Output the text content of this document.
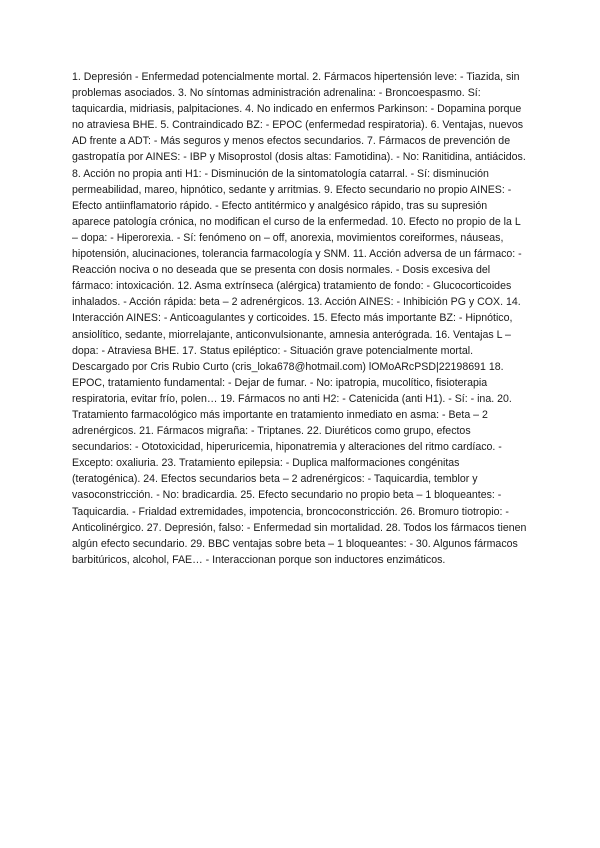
1. Depresión - Enfermedad potencialmente mortal. 2. Fármacos hipertensión leve: - Tiazida, sin problemas asociados. 3. No síntomas administración adrenalina: - Broncoespasmo. Sí: taquicardia, midriasis, palpitaciones. 4. No indicado en enfermos Parkinson: - Dopamina porque no atraviesa BHE. 5. Contraindicado BZ: - EPOC (enfermedad respiratoria). 6. Ventajas, nuevos AD frente a ADT: - Más seguros y menos efectos secundarios. 7. Fármacos de prevención de gastropatía por AINES: - IBP y Misoprostol (dosis altas: Famotidina). - No: Ranitidina, antiácidos. 8. Acción no propia anti H1: - Disminución de la sintomatología catarral. - Sí: disminución permeabilidad, mareo, hipnótico, sedante y arritmias. 9. Efecto secundario no propio AINES: - Efecto antiinflamatorio rápido. - Efecto antitérmico y analgésico rápido, tras su supresión aparece patología crónica, no modifican el curso de la enfermedad. 10. Efecto no propio de la L – dopa: - Hiperorexia. - Sí: fenómeno on – off, anorexia, movimientos coreiformes, náuseas, hipotensión, alucinaciones, tolerancia farmacología y SNM. 11. Acción adversa de un fármaco: - Reacción nociva o no deseada que se presenta con dosis normales. - Dosis excesiva del fármaco: intoxicación. 12. Asma extrínseca (alérgica) tratamiento de fondo: - Glucocorticoides inhalados. - Acción rápida: beta – 2 adrenérgicos. 13. Acción AINES: - Inhibición PG y COX. 14. Interacción AINES: - Anticoagulantes y corticoides. 15. Efecto más importante BZ: - Hipnótico, ansiolítico, sedante, miorrelajante, anticonvulsionante, amnesia anterógrada. 16. Ventajas L – dopa: - Atraviesa BHE. 17. Status epiléptico: - Situación grave potencialmente mortal. Descargado por Cris Rubio Curto (cris_loka678@hotmail.com) lOMoARcPSD|22198691 18. EPOC, tratamiento fundamental: - Dejar de fumar. - No: ipatropia, mucolítico, fisioterapia respiratoria, evitar frío, polen… 19. Fármacos no anti H2: - Catenicida (anti H1). - Sí: - ina. 20. Tratamiento farmacológico más importante en tratamiento inmediato en asma: - Beta – 2 adrenérgicos. 21. Fármacos migraña: - Triptanes. 22. Diuréticos como grupo, efectos secundarios: - Ototoxicidad, hiperuricemia, hiponatremia y alteraciones del ritmo cardíaco. - Excepto: oxaliuria. 23. Tratamiento epilepsia: - Duplica malformaciones congénitas (teratogénica). 24. Efectos secundarios beta – 2 adrenérgicos: - Taquicardia, temblor y vasoconstricción. - No: bradicardia. 25. Efecto secundario no propio beta – 1 bloqueantes: - Taquicardia. - Frialdad extremidades, impotencia, broncoconstricción. 26. Bromuro tiotropio: - Anticolinérgico. 27. Depresión, falso: - Enfermedad sin mortalidad. 28. Todos los fármacos tienen algún efecto secundario. 29. BBC ventajas sobre beta – 1 bloqueantes: - 30. Algunos fármacos barbitúricos, alcohol, FAE… - Interaccionan porque son inductores enzimáticos.
